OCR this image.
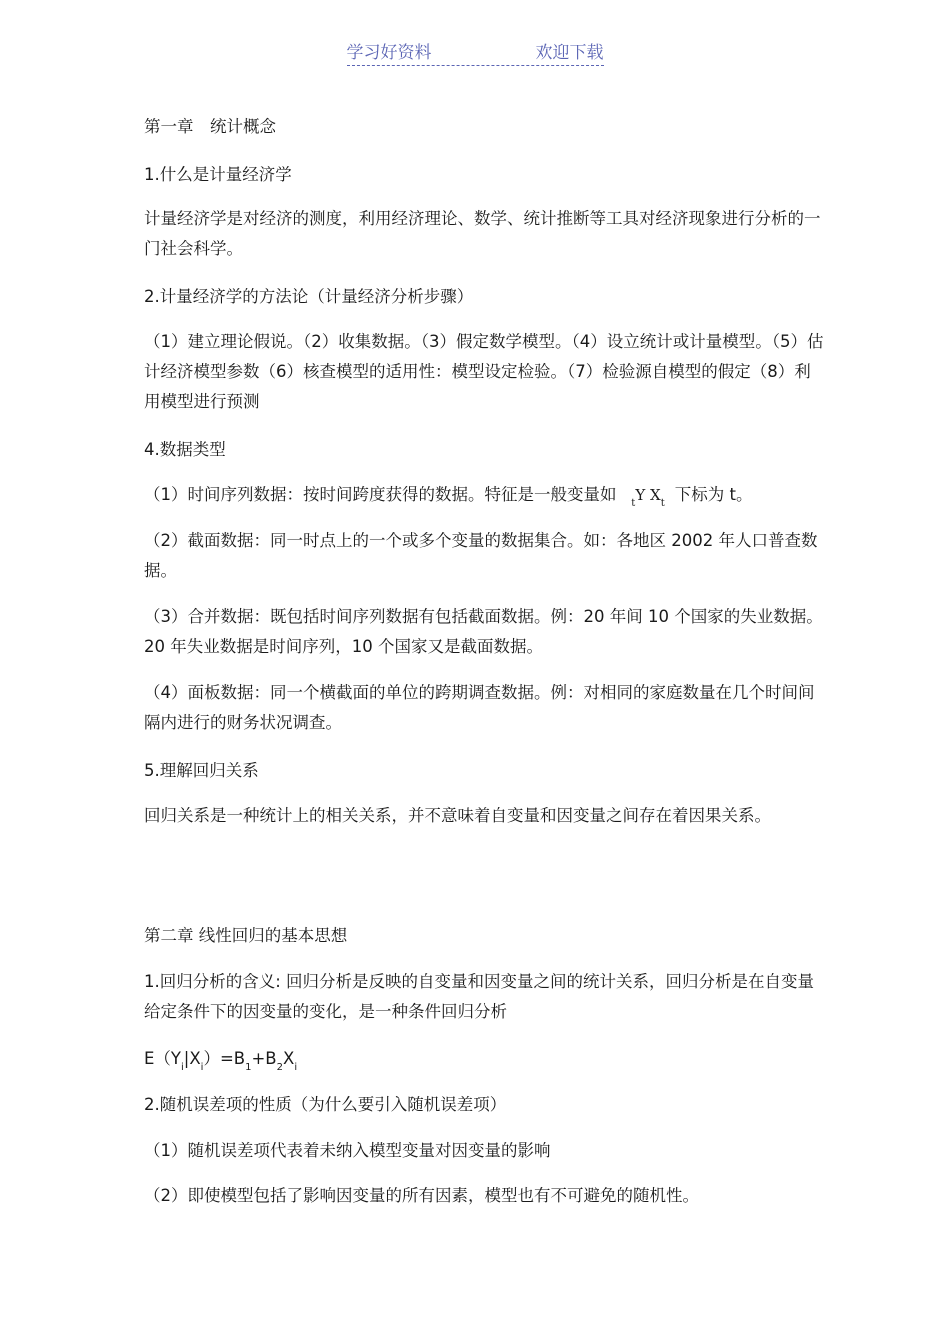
学习好资料	欢迎下载

第一章　统计概念

1.什么是计量经济学

计量经济学是对经济的测度，利用经济理论、数学、统计推断等工具对经济现象进行分析的一门社会科学。

2.计量经济学的方法论（计量经济分析步骤）

（1）建立理论假说。（2）收集数据。（3）假定数学模型。（4）设立统计或计量模型。（5）估计经济模型参数（6）核查模型的适用性：模型设定检验。（7）检验源自模型的假定（8）利用模型进行预测

4.数据类型

（1）时间序列数据：按时间跨度获得的数据。特征是一般变量如 $_t$Y $X_t$ 下标为 t。

（2）截面数据：同一时点上的一个或多个变量的数据集合。如：各地区 2002 年人口普查数据。

（3）合并数据：既包括时间序列数据有包括截面数据。例：20 年间 10 个国家的失业数据。20 年失业数据是时间序列，10 个国家又是截面数据。

（4）面板数据：同一个横截面的单位的跨期调查数据。例：对相同的家庭数量在几个时间间隔内进行的财务状况调查。

5.理解回归关系

回归关系是一种统计上的相关关系，并不意味着自变量和因变量之间存在着因果关系。

第二章 线性回归的基本思想

1.回归分析的含义: 回归分析是反映的自变量和因变量之间的统计关系，回归分析是在自变量给定条件下的因变量的变化，是一种条件回归分析

$E(Y_i|X_i)=B_1+B_2X_i$

2.随机误差项的性质（为什么要引入随机误差项）

（1）随机误差项代表着未纳入模型变量对因变量的影响

（2）即使模型包括了影响因变量的所有因素，模型也有不可避免的随机性。
